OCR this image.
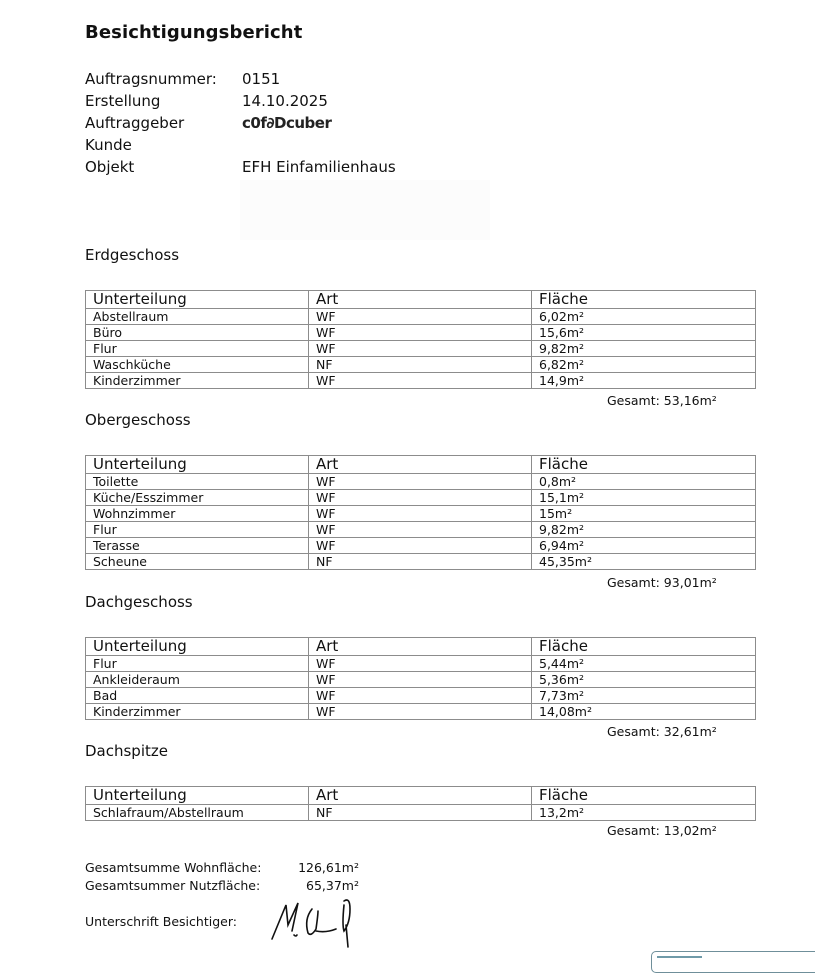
Besichtigungsbericht
Auftragsnummer: 0151
Erstellung	14.10.2025
Auftraggeber	c0f∂Dcuber
Kunde
Objekt	EFH Einfamilienhaus
Erdgeschoss
Unterteilung	Art	Fläche
Abstellraum	WF	6,02m²
Büro	WF	15,6m²
Flur	WF	9,82m²
Waschküche	NF	6,82m²
Kinderzimmer	WF	14,9m²
Gesamt: 53,16m²
Obergeschoss
Unterteilung	Art	Fläche
Toilette	WF	0,8m²
Küche/Esszimmer	WF	15,1m²
Wohnzimmer	WF	15m²
Flur	WF	9,82m²
Terasse	WF	6,94m²
Scheune	NF	45,35m²
Gesamt: 93,01m²
Dachgeschoss
Unterteilung	Art	Fläche
Flur	WF	5,44m²
Ankleideraum	WF	5,36m²
Bad	WF	7,73m²
Kinderzimmer	WF	14,08m²
Gesamt: 32,61m²
Dachspitze
Unterteilung	Art	Fläche
Schlafraum/Abstellraum	NF	13,2m²
Gesamt: 13,02m²
Gesamtsumme Wohnfläche:	126,61m²
Gesamtsummer Nutzfläche:	65,37m²
Unterschrift Besichtiger:
